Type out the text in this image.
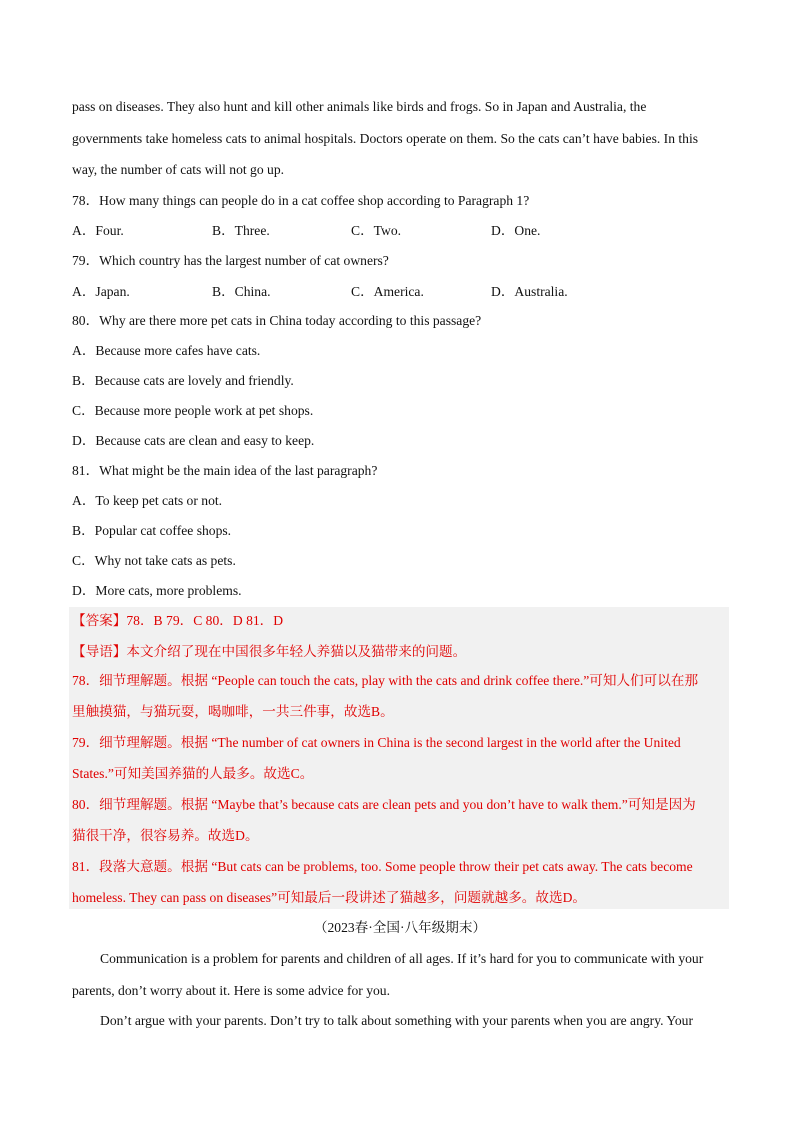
pass on diseases. They also hunt and kill other animals like birds and frogs. So in Japan and Australia, the
governments take homeless cats to animal hospitals. Doctors operate on them. So the cats can’t have babies. In this
way, the number of cats will not go up.
78．How many things can people do in a cat coffee shop according to Paragraph 1?
A．Four.	B．Three.	C．Two.	D．One.
79．Which country has the largest number of cat owners?
A．Japan.	B．China.	C．America.	D．Australia.
80．Why are there more pet cats in China today according to this passage?
A．Because more cafes have cats.
B．Because cats are lovely and friendly.
C．Because more people work at pet shops.
D．Because cats are clean and easy to keep.
81．What might be the main idea of the last paragraph?
A．To keep pet cats or not.
B．Popular cat coffee shops.
C．Why not take cats as pets.
D．More cats, more problems.
【答案】78．B 79．C 80．D 81．D
【导语】本文介绍了现在中国很多年轻人养猫以及猫带来的问题。
78．细节理解题。根据 “People can touch the cats, play with the cats and drink coffee there.”可知人们可以在那
里触摸猫，与猫玩耍，喝咖啡，一共三件事，故选B。
79．细节理解题。根据 “The number of cat owners in China is the second largest in the world after the United
States.”可知美国养猫的人最多。故选C。
80．细节理解题。根据 “Maybe that’s because cats are clean pets and you don’t have to walk them.”可知是因为
猫很干净，很容易养。故选D。
81．段落大意题。根据 “But cats can be problems, too. Some people throw their pet cats away. The cats become
homeless. They can pass on diseases”可知最后一段讲述了猫越多，问题就越多。故选D。
（2023春·全国·八年级期末）
Communication is a problem for parents and children of all ages. If it’s hard for you to communicate with your
parents, don’t worry about it. Here is some advice for you.
Don’t argue with your parents. Don’t try to talk about something with your parents when you are angry. Your
